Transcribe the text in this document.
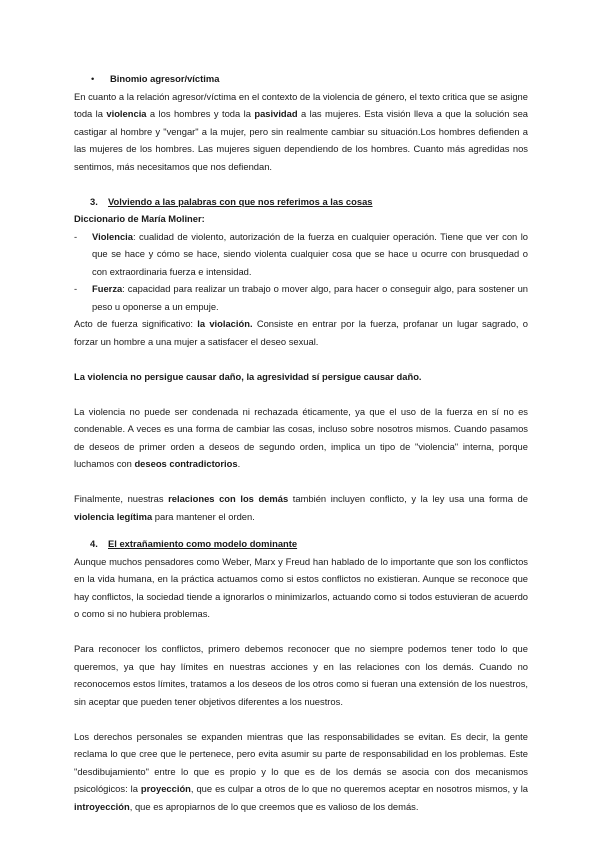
• Binomio agresor/víctima

En cuanto a la relación agresor/víctima en el contexto de la violencia de género, el texto critica que se asigne toda la violencia a los hombres y toda la pasividad a las mujeres. Esta visión lleva a que la solución sea castigar al hombre y "vengar" a la mujer, pero sin realmente cambiar su situación.Los hombres defienden a las mujeres de los hombres. Las mujeres siguen dependiendo de los hombres. Cuanto más agredidas nos sentimos, más necesitamos que nos defiendan.

3. Volviendo a las palabras con que nos referimos a las cosas

Diccionario de María Moliner:

- Violencia: cualidad de violento, autorización de la fuerza en cualquier operación. Tiene que ver con lo que se hace y cómo se hace, siendo violenta cualquier cosa que se hace u ocurre con brusquedad o con extraordinaria fuerza e intensidad.

- Fuerza: capacidad para realizar un trabajo o mover algo, para hacer o conseguir algo, para sostener un peso u oponerse a un empuje.

Acto de fuerza significativo: la violación. Consiste en entrar por la fuerza, profanar un lugar sagrado, o forzar un hombre a una mujer a satisfacer el deseo sexual.

La violencia no persigue causar daño, la agresividad sí persigue causar daño.

La violencia no puede ser condenada ni rechazada éticamente, ya que el uso de la fuerza en sí no es condenable. A veces es una forma de cambiar las cosas, incluso sobre nosotros mismos. Cuando pasamos de deseos de primer orden a deseos de segundo orden, implica un tipo de "violencia" interna, porque luchamos con deseos contradictorios.

Finalmente, nuestras relaciones con los demás también incluyen conflicto, y la ley usa una forma de violencia legítima para mantener el orden.

4. El extrañamiento como modelo dominante

Aunque muchos pensadores como Weber, Marx y Freud han hablado de lo importante que son los conflictos en la vida humana, en la práctica actuamos como si estos conflictos no existieran. Aunque se reconoce que hay conflictos, la sociedad tiende a ignorarlos o minimizarlos, actuando como si todos estuvieran de acuerdo o como si no hubiera problemas.

Para reconocer los conflictos, primero debemos reconocer que no siempre podemos tener todo lo que queremos, ya que hay límites en nuestras acciones y en las relaciones con los demás. Cuando no reconocemos estos límites, tratamos a los deseos de los otros como si fueran una extensión de los nuestros, sin aceptar que pueden tener objetivos diferentes a los nuestros.

Los derechos personales se expanden mientras que las responsabilidades se evitan. Es decir, la gente reclama lo que cree que le pertenece, pero evita asumir su parte de responsabilidad en los problemas. Este "desdibujamiento" entre lo que es propio y lo que es de los demás se asocia con dos mecanismos psicológicos: la proyección, que es culpar a otros de lo que no queremos aceptar en nosotros mismos, y la introyección, que es apropiarnos de lo que creemos que es valioso de los demás.
